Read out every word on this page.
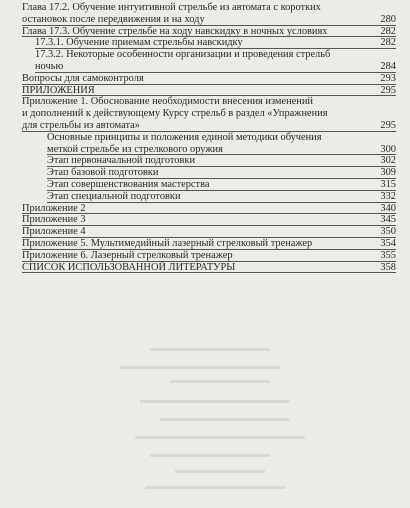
Глава 17.2. Обучение интуитивной стрельбе из автомата с коротких
остановок после передвижения и на ходу	280
Глава 17.3. Обучение стрельбе на ходу навскидку в ночных условиях	282
17.3.1. Обучение приемам стрельбы навскидку	282
17.3.2. Некоторые особенности организации и проведения стрельб
ночью	284
Вопросы для самоконтроля	293
ПРИЛОЖЕНИЯ	295
Приложение 1. Обоснование необходимости внесения изменений
и дополнений к действующему Курсу стрельб в раздел «Упражнения
для стрельбы из автомата»	295
Основные принципы и положения единой методики обучения
меткой стрельбе из стрелкового оружия	300
Этап первоначальной подготовки	302
Этап базовой подготовки	309
Этап совершенствования мастерства	315
Этап специальной подготовки	332
Приложение 2	340
Приложение 3	345
Приложение 4	350
Приложение 5. Мультимедийный лазерный стрелковый тренажер	354
Приложение 6. Лазерный стрелковый тренажер	355
СПИСОК ИСПОЛЬЗОВАННОЙ ЛИТЕРАТУРЫ	358
